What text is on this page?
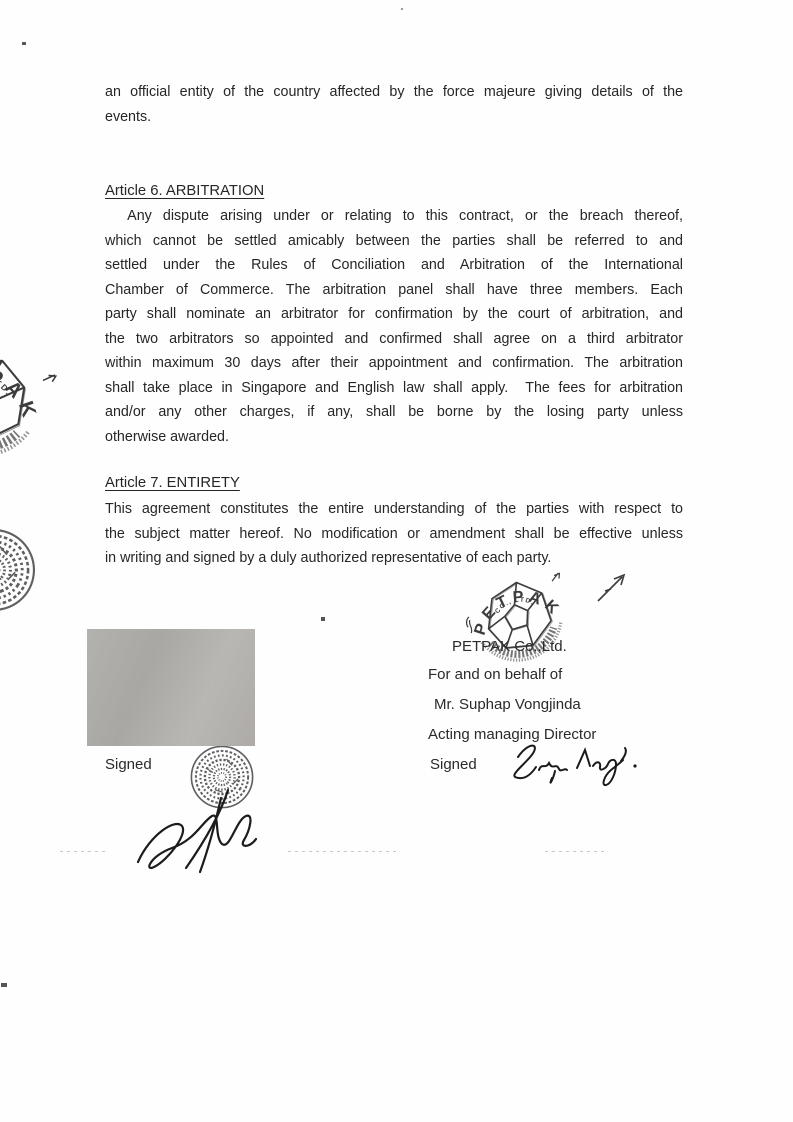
an official entity of the country affected by the force majeure giving details of the
events.
Article 6. ARBITRATION
Any dispute arising under or relating to this contract, or the breach thereof,
which cannot be settled amicably between the parties shall be referred to and
settled under the Rules of Conciliation and Arbitration of the International
Chamber of Commerce. The arbitration panel shall have three members. Each
party shall nominate an arbitrator for confirmation by the court of arbitration, and
the two arbitrators so appointed and confirmed shall agree on a third arbitrator
within maximum 30 days after their appointment and confirmation. The arbitration
shall take place in Singapore and English law shall apply.  The fees for arbitration
and/or any other charges, if any, shall be borne by the losing party unless
otherwise awarded.
Article 7. ENTIRETY
This agreement constitutes the entire understanding of the parties with respect to
the subject matter hereof. No modification or amendment shall be effective unless
in writing and signed by a duly authorized representative of each party.
Signed
PETPAK Co.,Ltd.
For and on behalf of
Mr. Suphap Vongjinda
Acting managing Director
Signed
